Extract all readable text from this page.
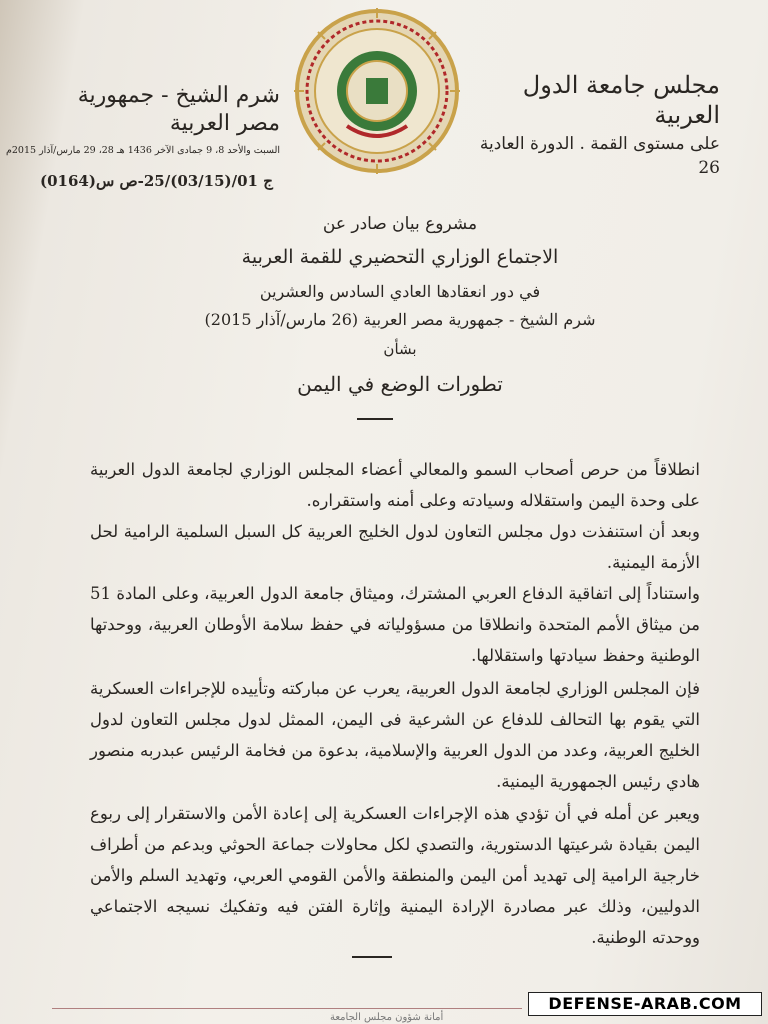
مجلس جامعة الدول العربية
على مستوى القمة . الدورة العادية 26
شرم الشيخ - جمهورية مصر العربية
السبت والأحد 8، 9 جمادى الآخر 1436 هـ 28، 29 مارس/آذار 2015م
ج 01/(03/15)/25-ص س(0164)
مشروع بيان صادر عن
الاجتماع الوزاري التحضيري للقمة العربية
في دور انعقادها العادي السادس والعشرين
شرم الشيخ - جمهورية مصر العربية (26 مارس/آذار 2015)
بشأن
تطورات الوضع في اليمن
انطلاقاً من حرص أصحاب السمو والمعالي أعضاء المجلس الوزاري لجامعة الدول العربية على وحدة اليمن واستقلاله وسيادته وعلى أمنه واستقراره.
وبعد أن استنفذت دول مجلس التعاون لدول الخليج العربية كل السبل السلمية الرامية لحل الأزمة اليمنية.
واستناداً إلى اتفاقية الدفاع العربي المشترك، وميثاق جامعة الدول العربية، وعلى المادة 51 من ميثاق الأمم المتحدة وانطلاقا من مسؤولياته في حفظ سلامة الأوطان العربية، ووحدتها الوطنية وحفظ سيادتها واستقلالها.
فإن المجلس الوزاري لجامعة الدول العربية، يعرب عن مباركته وتأييده للإجراءات العسكرية التي يقوم بها التحالف للدفاع عن الشرعية فى اليمن، الممثل لدول مجلس التعاون لدول الخليج العربية، وعدد من الدول العربية والإسلامية، بدعوة من فخامة الرئيس عبدربه منصور هادي رئيس الجمهورية اليمنية.
ويعبر عن أمله في أن تؤدي هذه الإجراءات العسكرية إلى إعادة الأمن والاستقرار إلى ربوع اليمن بقيادة شرعيتها الدستورية، والتصدي لكل محاولات جماعة الحوثي وبدعم من أطراف خارجية الرامية إلى تهديد أمن اليمن والمنطقة والأمن القومي العربي، وتهديد السلم والأمن الدوليين، وذلك عبر مصادرة الإرادة اليمنية وإثارة الفتن فيه وتفكيك نسيجه الاجتماعي ووحدته الوطنية.
أمانة شؤون مجلس الجامعة
DEFENSE-ARAB.COM
